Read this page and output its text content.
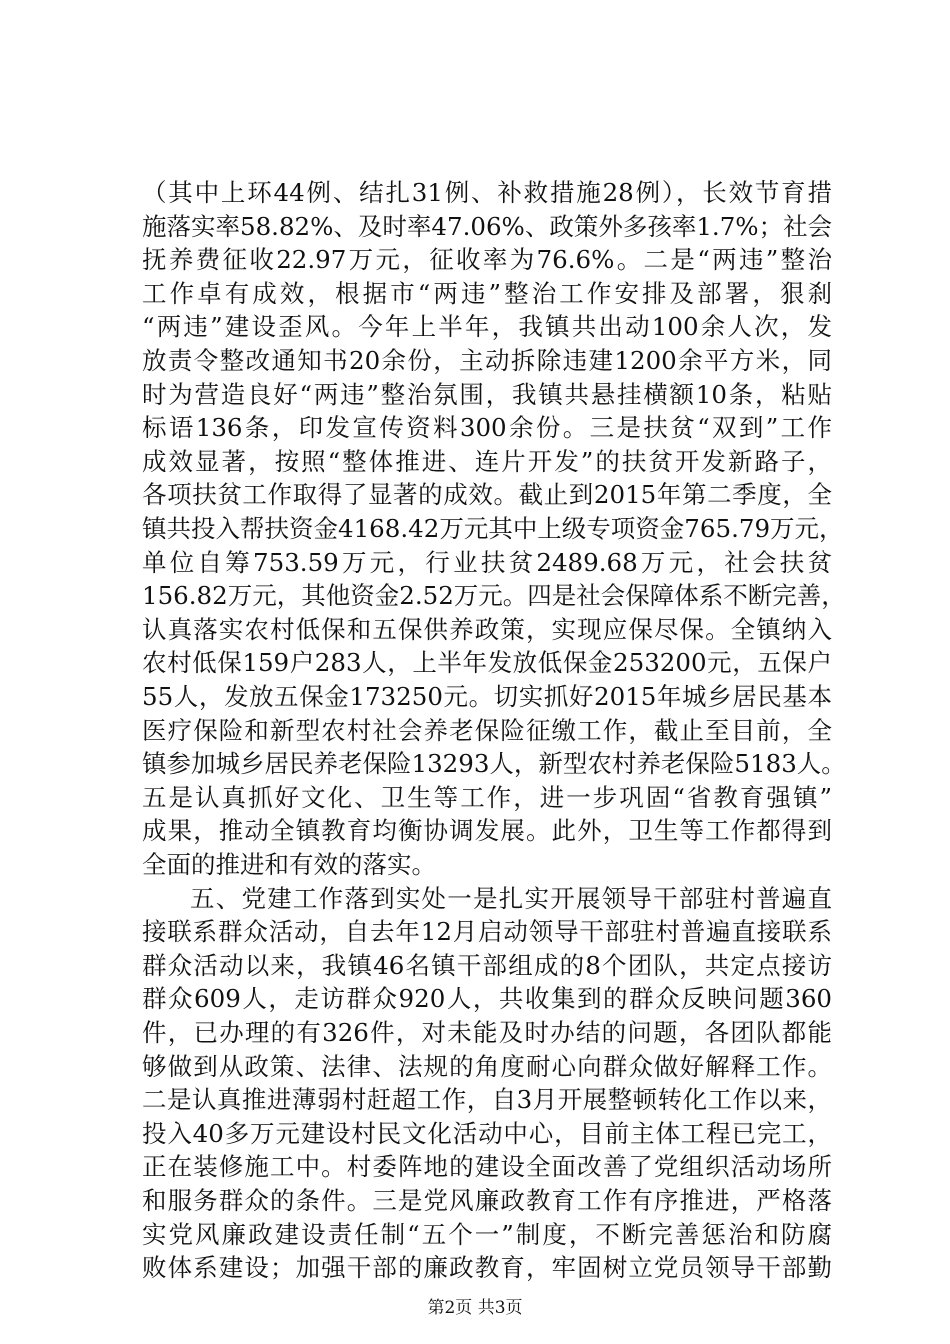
（其中上环44例、结扎31例、补救措施28例），长效节育措
施落实率58.82%、及时率47.06%、政策外多孩率1.7%；社会
抚养费征收22.97万元，征收率为76.6%。二是“两违”整治
工作卓有成效，根据市“两违”整治工作安排及部署，狠刹
“两违”建设歪风。今年上半年，我镇共出动100余人次，发
放责令整改通知书20余份，主动拆除违建1200余平方米，同
时为营造良好“两违”整治氛围，我镇共悬挂横额10条，粘贴
标语136条，印发宣传资料300余份。三是扶贫“双到”工作
成效显著，按照“整体推进、连片开发”的扶贫开发新路子，
各项扶贫工作取得了显著的成效。截止到2015年第二季度，全
镇共投入帮扶资金4168.42万元其中上级专项资金765.79万元，
单位自筹753.59万元，行业扶贫2489.68万元，社会扶贫
156.82万元，其他资金2.52万元。四是社会保障体系不断完善，
认真落实农村低保和五保供养政策，实现应保尽保。全镇纳入
农村低保159户283人，上半年发放低保金253200元，五保户
55人，发放五保金173250元。切实抓好2015年城乡居民基本
医疗保险和新型农村社会养老保险征缴工作，截止至目前，全
镇参加城乡居民养老保险13293人，新型农村养老保险5183人。
五是认真抓好文化、卫生等工作，进一步巩固“省教育强镇”
成果，推动全镇教育均衡协调发展。此外，卫生等工作都得到
全面的推进和有效的落实。
五、党建工作落到实处一是扎实开展领导干部驻村普遍直
接联系群众活动，自去年12月启动领导干部驻村普遍直接联系
群众活动以来，我镇46名镇干部组成的8个团队，共定点接访
群众609人，走访群众920人，共收集到的群众反映问题360
件，已办理的有326件，对未能及时办结的问题，各团队都能
够做到从政策、法律、法规的角度耐心向群众做好解释工作。
二是认真推进薄弱村赶超工作，自3月开展整顿转化工作以来，
投入40多万元建设村民文化活动中心，目前主体工程已完工，
正在装修施工中。村委阵地的建设全面改善了党组织活动场所
和服务群众的条件。三是党风廉政教育工作有序推进，严格落
实党风廉政建设责任制“五个一”制度，不断完善惩治和防腐
败体系建设；加强干部的廉政教育，牢固树立党员领导干部勤
第2页 共3页
